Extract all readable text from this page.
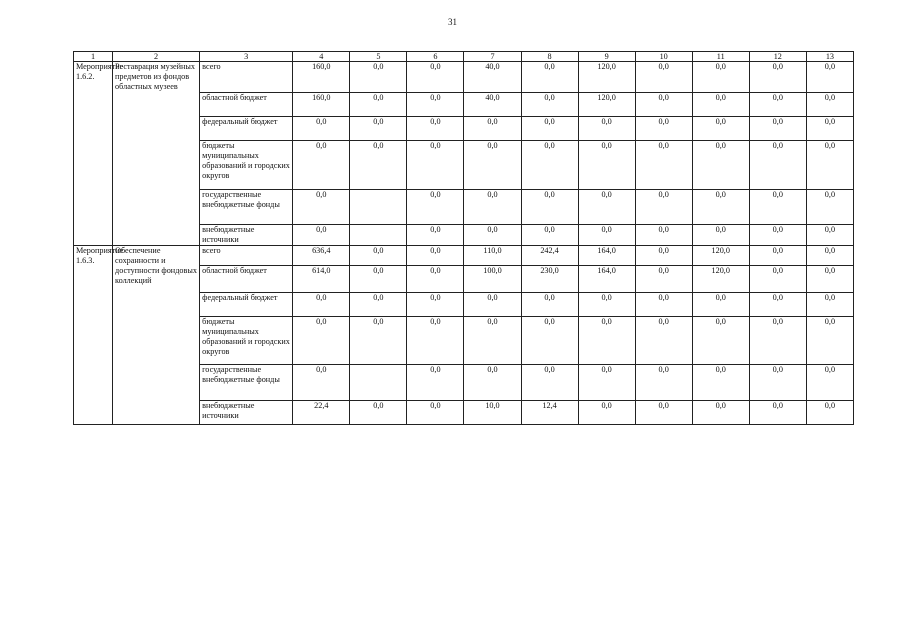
31
1	2	3	4	5	6	7	8	9	10	11	12	13
Мероприятие 1.6.2.	Реставрация музейных предметов из фондов областных музеев	всего	160,0	0,0	0,0	40,0	0,0	120,0	0,0	0,0	0,0	0,0
		областной бюджет	160,0	0,0	0,0	40,0	0,0	120,0	0,0	0,0	0,0	0,0
		федеральный бюджет	0,0	0,0	0,0	0,0	0,0	0,0	0,0	0,0	0,0	0,0
		бюджеты муниципальных образований и городских округов	0,0	0,0	0,0	0,0	0,0	0,0	0,0	0,0	0,0	0,0
		государственные внебюджетные фонды	0,0		0,0	0,0	0,0	0,0	0,0	0,0	0,0	0,0
		внебюджетные источники	0,0		0,0	0,0	0,0	0,0	0,0	0,0	0,0	0,0
Мероприятие 1.6.3.	Обеспечение сохранности и доступности фондовых коллекций	всего	636,4	0,0	0,0	110,0	242,4	164,0	0,0	120,0	0,0	0,0
		областной бюджет	614,0	0,0	0,0	100,0	230,0	164,0	0,0	120,0	0,0	0,0
		федеральный бюджет	0,0	0,0	0,0	0,0	0,0	0,0	0,0	0,0	0,0	0,0
		бюджеты муниципальных образований и городских округов	0,0	0,0	0,0	0,0	0,0	0,0	0,0	0,0	0,0	0,0
		государственные внебюджетные фонды	0,0		0,0	0,0	0,0	0,0	0,0	0,0	0,0	0,0
		внебюджетные источники	22,4	0,0	0,0	10,0	12,4	0,0	0,0	0,0	0,0	0,0
